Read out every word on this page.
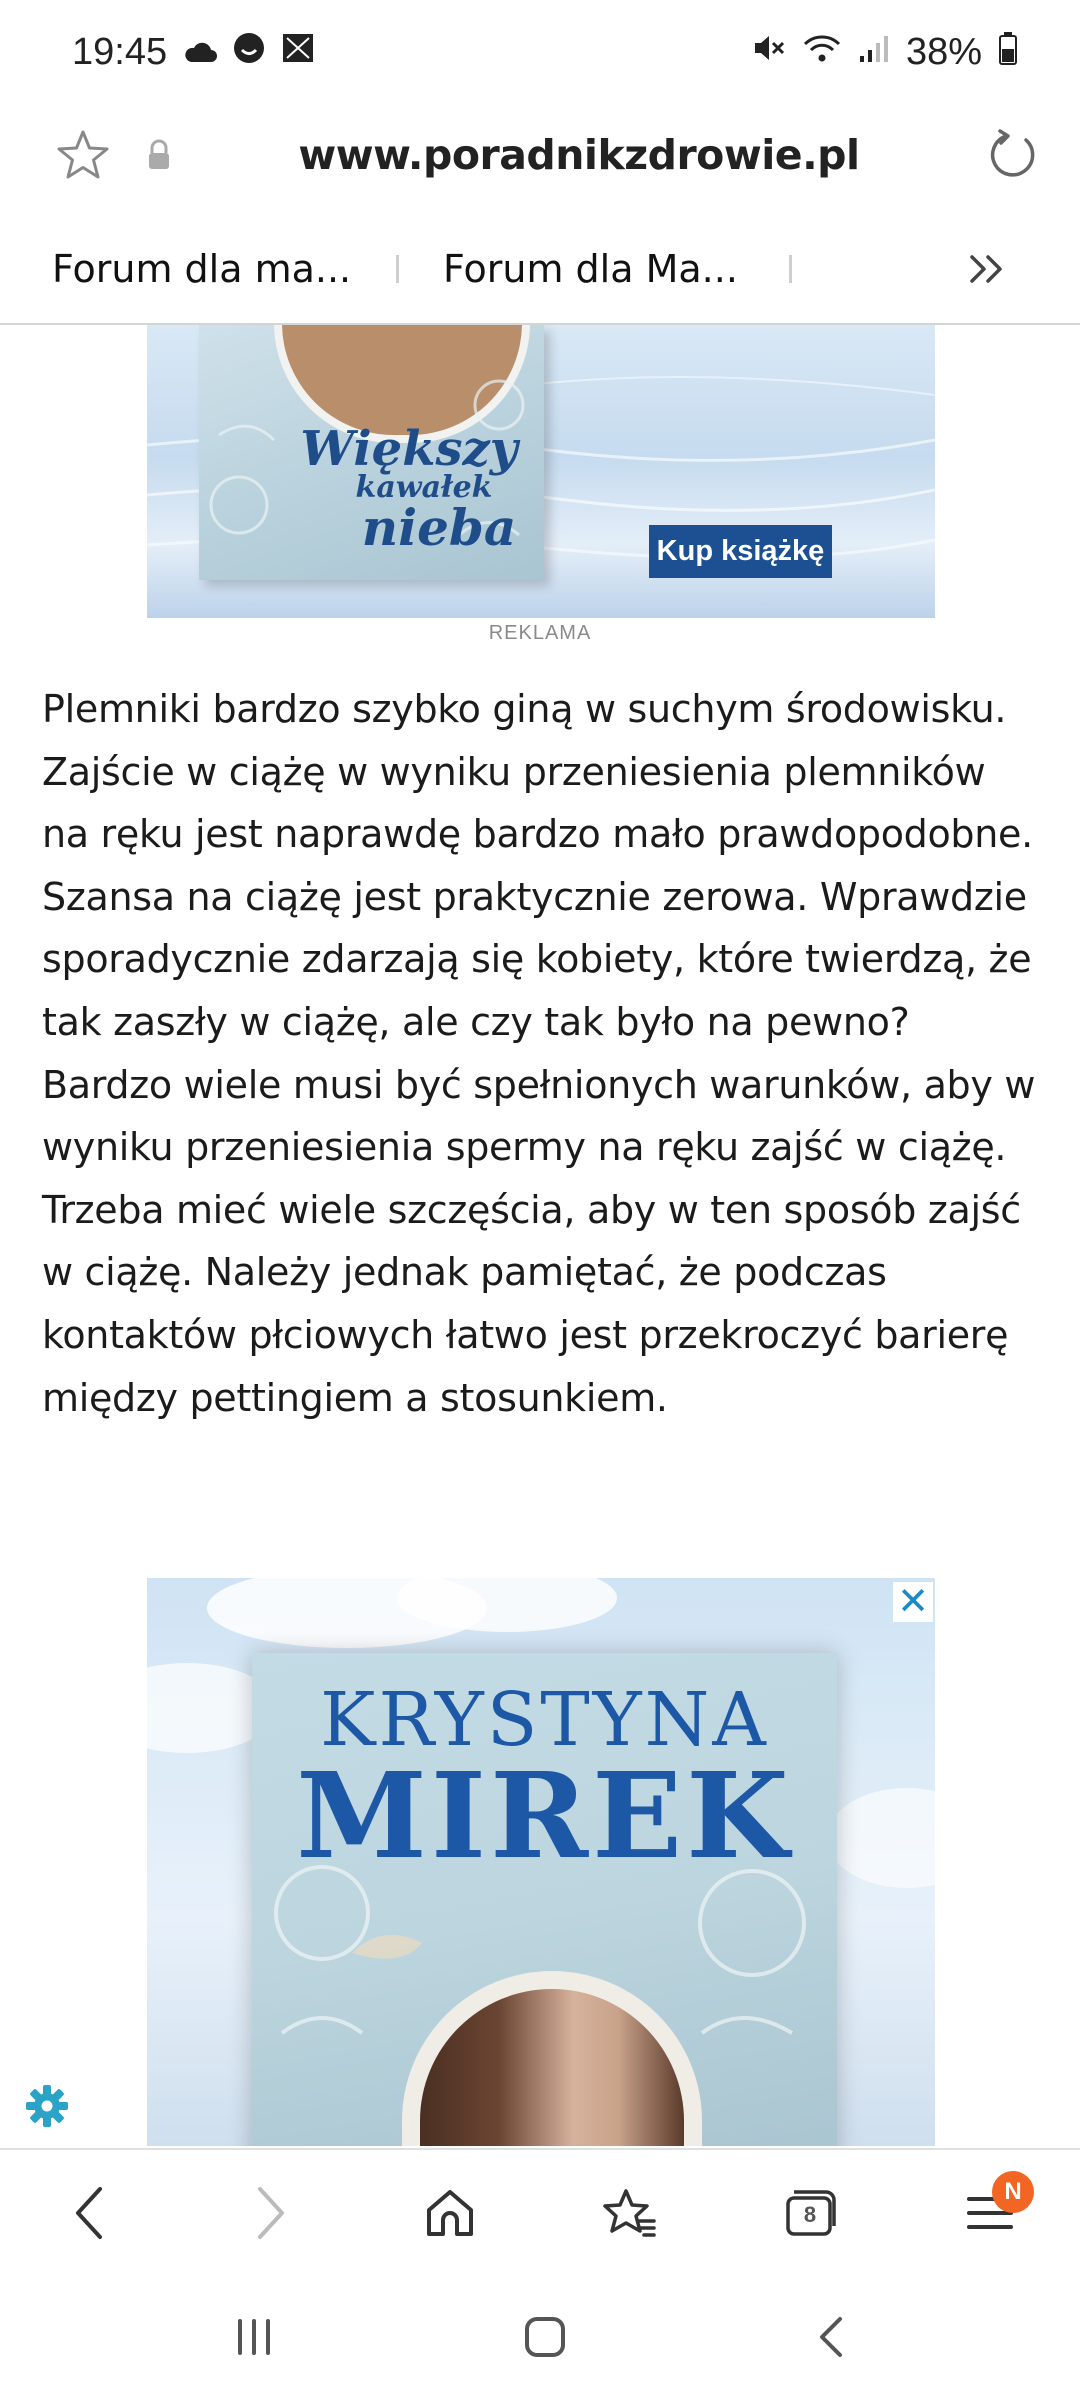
19:45	38%
www.poradnikzdrowie.pl
Forum dla ma...	Forum dla Ma...
Większy
kawałek
nieba	Kup książkę
REKLAMA

Plemniki bardzo szybko giną w suchym środowisku. Zajście w ciążę w wyniku przeniesienia plemników na ręku jest naprawdę bardzo mało prawdopodobne. Szansa na ciążę jest praktycznie zerowa. Wprawdzie sporadycznie zdarzają się kobiety, które twierdzą, że tak zaszły w ciążę, ale czy tak było na pewno? Bardzo wiele musi być spełnionych warunków, aby w wyniku przeniesienia spermy na ręku zajść w ciążę. Trzeba mieć wiele szczęścia, aby w ten sposób zajść w ciążę. Należy jednak pamiętać, że podczas kontaktów płciowych łatwo jest przekroczyć barierę między pettingiem a stosunkiem.

KRYSTYNA
MIREK
✕
8
N
